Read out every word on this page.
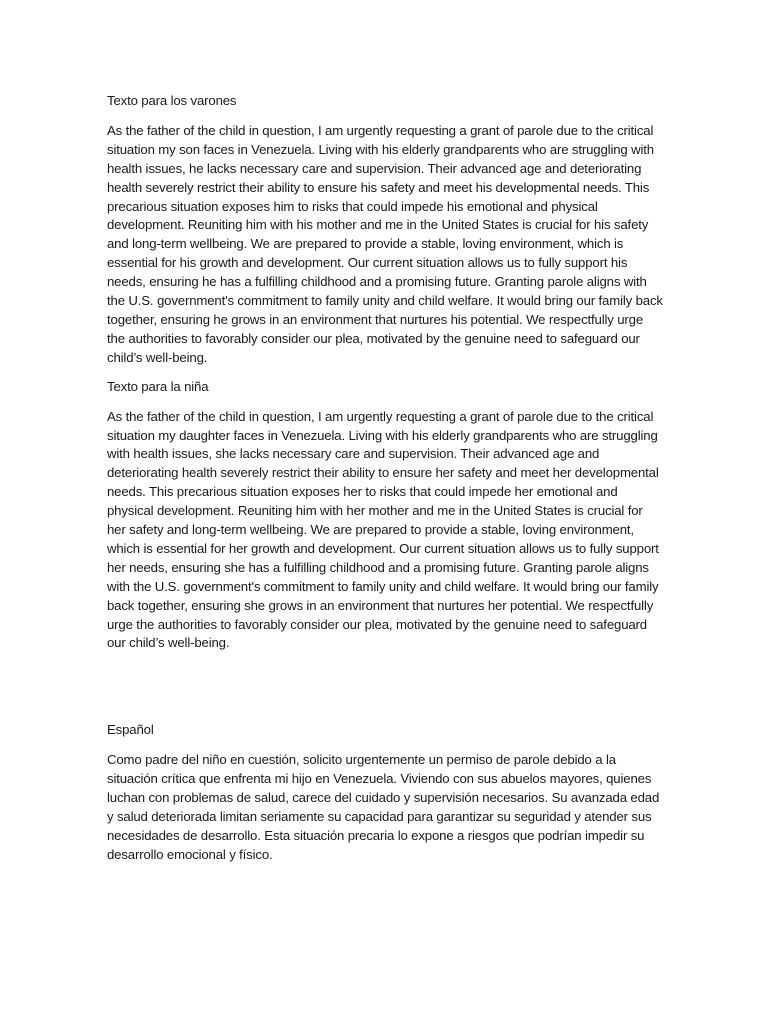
Texto para los varones

As the father of the child in question, I am urgently requesting a grant of parole due to the critical situation my son faces in Venezuela. Living with his elderly grandparents who are struggling with health issues, he lacks necessary care and supervision. Their advanced age and deteriorating health severely restrict their ability to ensure his safety and meet his developmental needs. This precarious situation exposes him to risks that could impede his emotional and physical development. Reuniting him with his mother and me in the United States is crucial for his safety and long-term wellbeing. We are prepared to provide a stable, loving environment, which is essential for his growth and development. Our current situation allows us to fully support his needs, ensuring he has a fulfilling childhood and a promising future. Granting parole aligns with the U.S. government's commitment to family unity and child welfare. It would bring our family back together, ensuring he grows in an environment that nurtures his potential. We respectfully urge the authorities to favorably consider our plea, motivated by the genuine need to safeguard our child’s well-being.

Texto para la niña

As the father of the child in question, I am urgently requesting a grant of parole due to the critical situation my daughter faces in Venezuela. Living with his elderly grandparents who are struggling with health issues, she lacks necessary care and supervision. Their advanced age and deteriorating health severely restrict their ability to ensure her safety and meet her developmental needs. This precarious situation exposes her to risks that could impede her emotional and physical development. Reuniting him with her mother and me in the United States is crucial for her safety and long-term wellbeing. We are prepared to provide a stable, loving environment, which is essential for her growth and development. Our current situation allows us to fully support her needs, ensuring she has a fulfilling childhood and a promising future. Granting parole aligns with the U.S. government's commitment to family unity and child welfare. It would bring our family back together, ensuring she grows in an environment that nurtures her potential. We respectfully urge the authorities to favorably consider our plea, motivated by the genuine need to safeguard our child’s well-being.

Español

Como padre del niño en cuestión, solicito urgentemente un permiso de parole debido a la situación crítica que enfrenta mi hijo en Venezuela. Viviendo con sus abuelos mayores, quienes luchan con problemas de salud, carece del cuidado y supervisión necesarios. Su avanzada edad y salud deteriorada limitan seriamente su capacidad para garantizar su seguridad y atender sus necesidades de desarrollo. Esta situación precaria lo expone a riesgos que podrían impedir su desarrollo emocional y físico.
